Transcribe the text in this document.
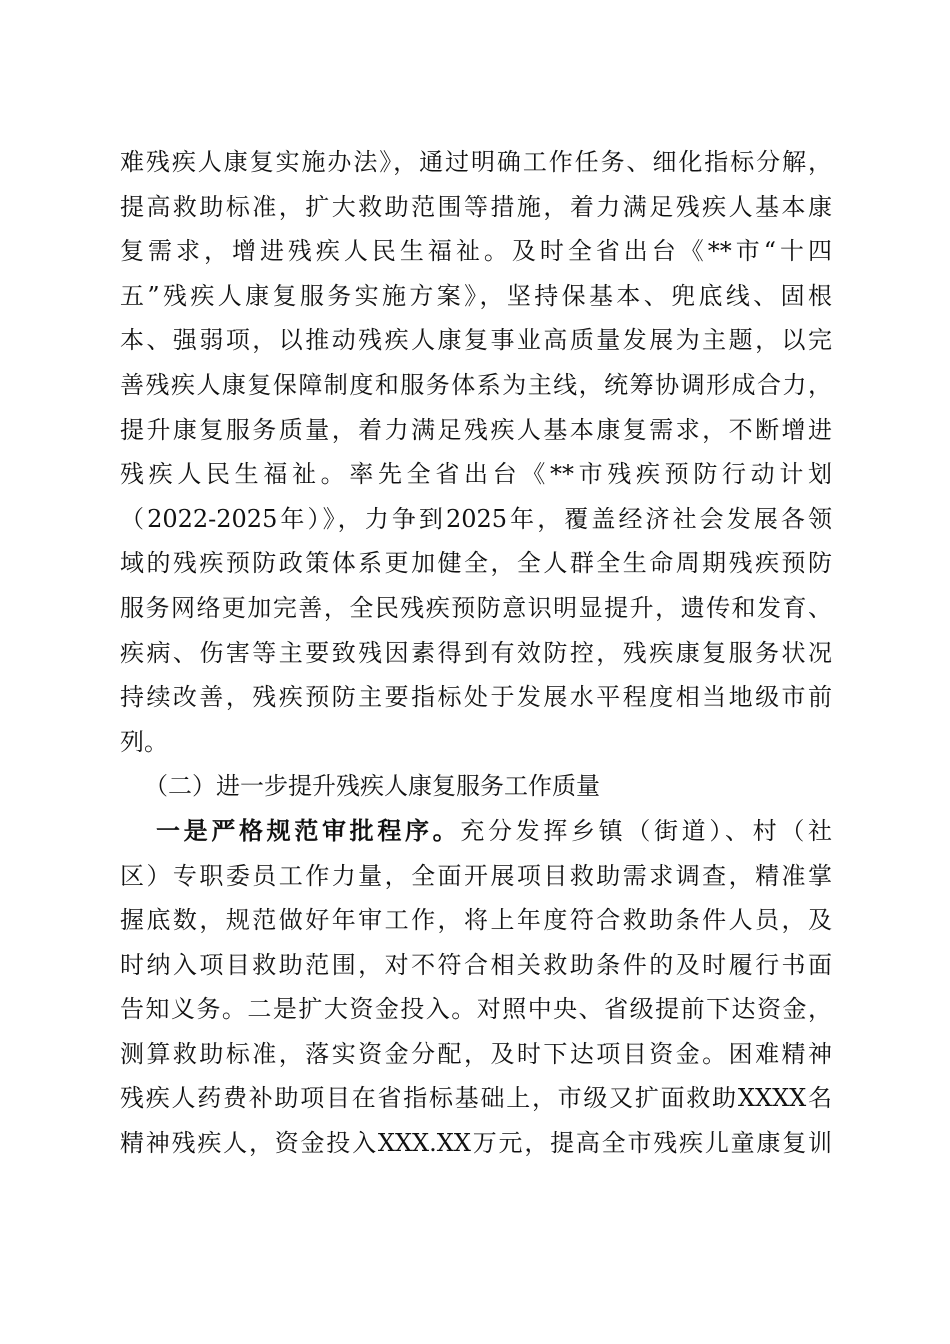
难残疾人康复实施办法》，通过明确工作任务、细化指标分解，
提高救助标准，扩大救助范围等措施，着力满足残疾人基本康
复需求，增进残疾人民生福祉。及时全省出台《**市“十四
五”残疾人康复服务实施方案》，坚持保基本、兜底线、固根
本、强弱项，以推动残疾人康复事业高质量发展为主题，以完
善残疾人康复保障制度和服务体系为主线，统筹协调形成合力，
提升康复服务质量，着力满足残疾人基本康复需求，不断增进
残疾人民生福祉。率先全省出台《**市残疾预防行动计划
（2022-2025年）》，力争到2025年，覆盖经济社会发展各领
域的残疾预防政策体系更加健全，全人群全生命周期残疾预防
服务网络更加完善，全民残疾预防意识明显提升，遗传和发育、
疾病、伤害等主要致残因素得到有效防控，残疾康复服务状况
持续改善，残疾预防主要指标处于发展水平程度相当地级市前
列。
（二）进一步提升残疾人康复服务工作质量
一是严格规范审批程序。充分发挥乡镇（街道）、村（社
区）专职委员工作力量，全面开展项目救助需求调查，精准掌
握底数，规范做好年审工作，将上年度符合救助条件人员，及
时纳入项目救助范围，对不符合相关救助条件的及时履行书面
告知义务。二是扩大资金投入。对照中央、省级提前下达资金，
测算救助标准，落实资金分配，及时下达项目资金。困难精神
残疾人药费补助项目在省指标基础上，市级又扩面救助XXXX名
精神残疾人，资金投入XXX.XX万元，提高全市残疾儿童康复训
